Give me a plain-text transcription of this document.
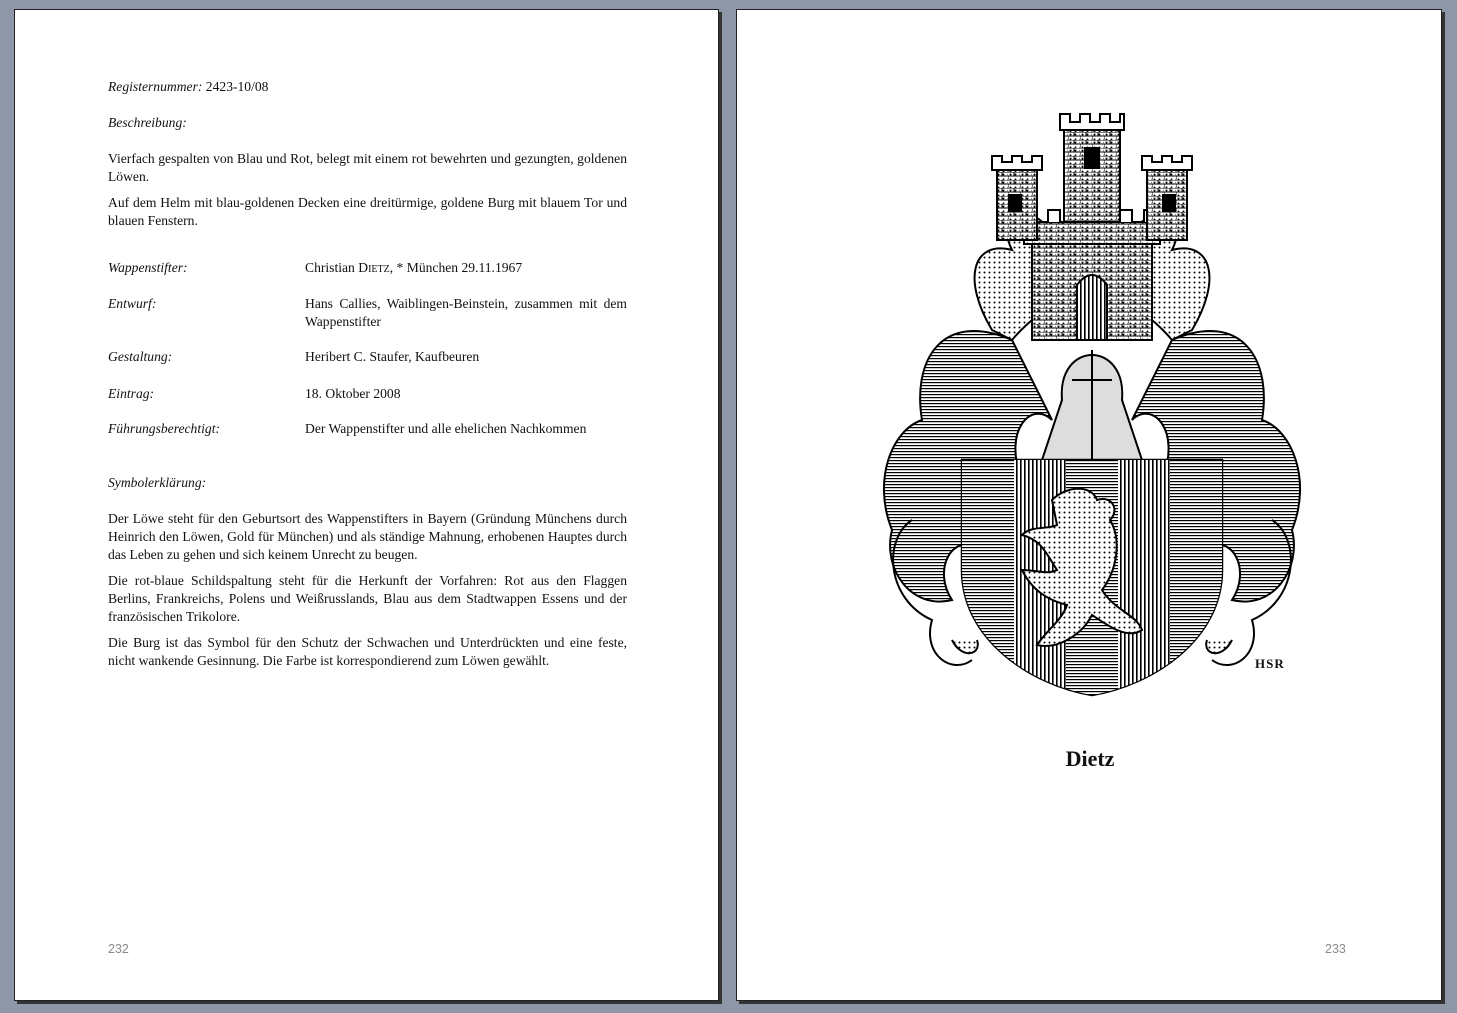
Registernummer: 2423-10/08
Beschreibung:

Vierfach gespalten von Blau und Rot, belegt mit einem rot bewehrten und gezungten, goldenen Löwen.

Auf dem Helm mit blau-goldenen Decken eine dreitürmige, goldene Burg mit blauem Tor und blauen Fenstern.

Wappenstifter:	Christian Dietz, * München 29.11.1967
Entwurf:	Hans Callies, Waiblingen-Beinstein, zusammen mit dem Wappenstifter
Gestaltung:	Heribert C. Staufer, Kaufbeuren
Eintrag:	18. Oktober 2008
Führungsberechtigt:	Der Wappenstifter und alle ehelichen Nachkommen
Symbolerklärung:

Der Löwe steht für den Geburtsort des Wappenstifters in Bayern (Gründung Münchens durch Heinrich den Löwen, Gold für München) und als ständige Mahnung, erhobenen Hauptes durch das Leben zu gehen und sich keinem Unrecht zu beugen.

Die rot-blaue Schildspaltung steht für die Herkunft der Vorfahren: Rot aus den Flaggen Berlins, Frankreichs, Polens und Weißrusslands, Blau aus dem Stadtwappen Essens und der französischen Trikolore.

Die Burg ist das Symbol für den Schutz der Schwachen und Unterdrückten und eine feste, nicht wankende Gesinnung. Die Farbe ist korrespondierend zum Löwen gewählt.

232
HSR
Dietz
233
